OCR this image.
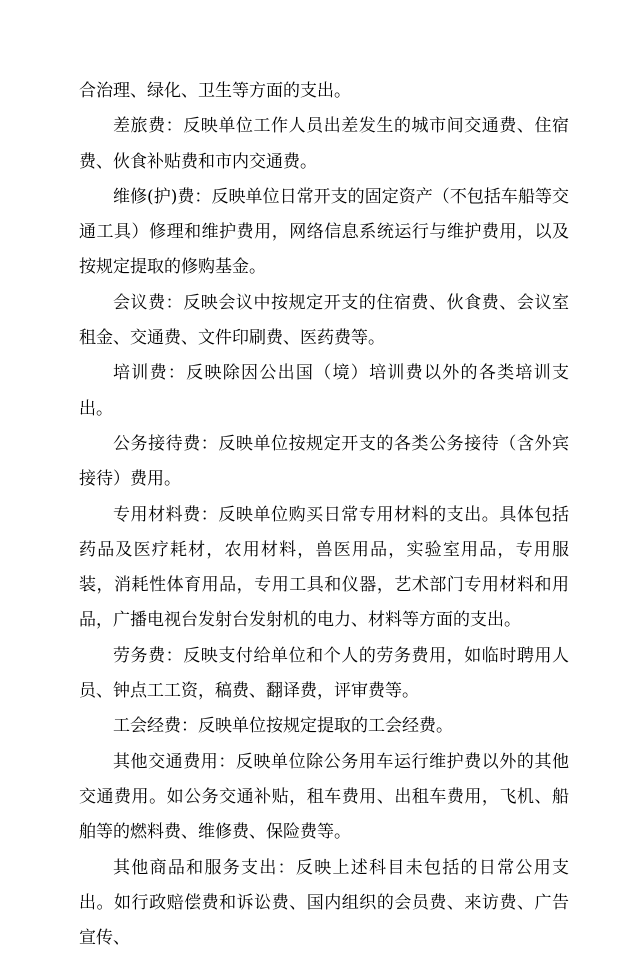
合治理、绿化、卫生等方面的支出。

差旅费：反映单位工作人员出差发生的城市间交通费、住宿费、伙食补贴费和市内交通费。

维修(护)费：反映单位日常开支的固定资产（不包括车船等交通工具）修理和维护费用，网络信息系统运行与维护费用，以及按规定提取的修购基金。

会议费：反映会议中按规定开支的住宿费、伙食费、会议室租金、交通费、文件印刷费、医药费等。

培训费：反映除因公出国（境）培训费以外的各类培训支出。

公务接待费：反映单位按规定开支的各类公务接待（含外宾接待）费用。

专用材料费：反映单位购买日常专用材料的支出。具体包括药品及医疗耗材，农用材料，兽医用品，实验室用品，专用服装，消耗性体育用品，专用工具和仪器，艺术部门专用材料和用品，广播电视台发射台发射机的电力、材料等方面的支出。

劳务费：反映支付给单位和个人的劳务费用，如临时聘用人员、钟点工工资，稿费、翻译费，评审费等。

工会经费：反映单位按规定提取的工会经费。

其他交通费用：反映单位除公务用车运行维护费以外的其他交通费用。如公务交通补贴，租车费用、出租车费用，飞机、船舶等的燃料费、维修费、保险费等。

其他商品和服务支出：反映上述科目未包括的日常公用支出。如行政赔偿费和诉讼费、国内组织的会员费、来访费、广告宣传、
